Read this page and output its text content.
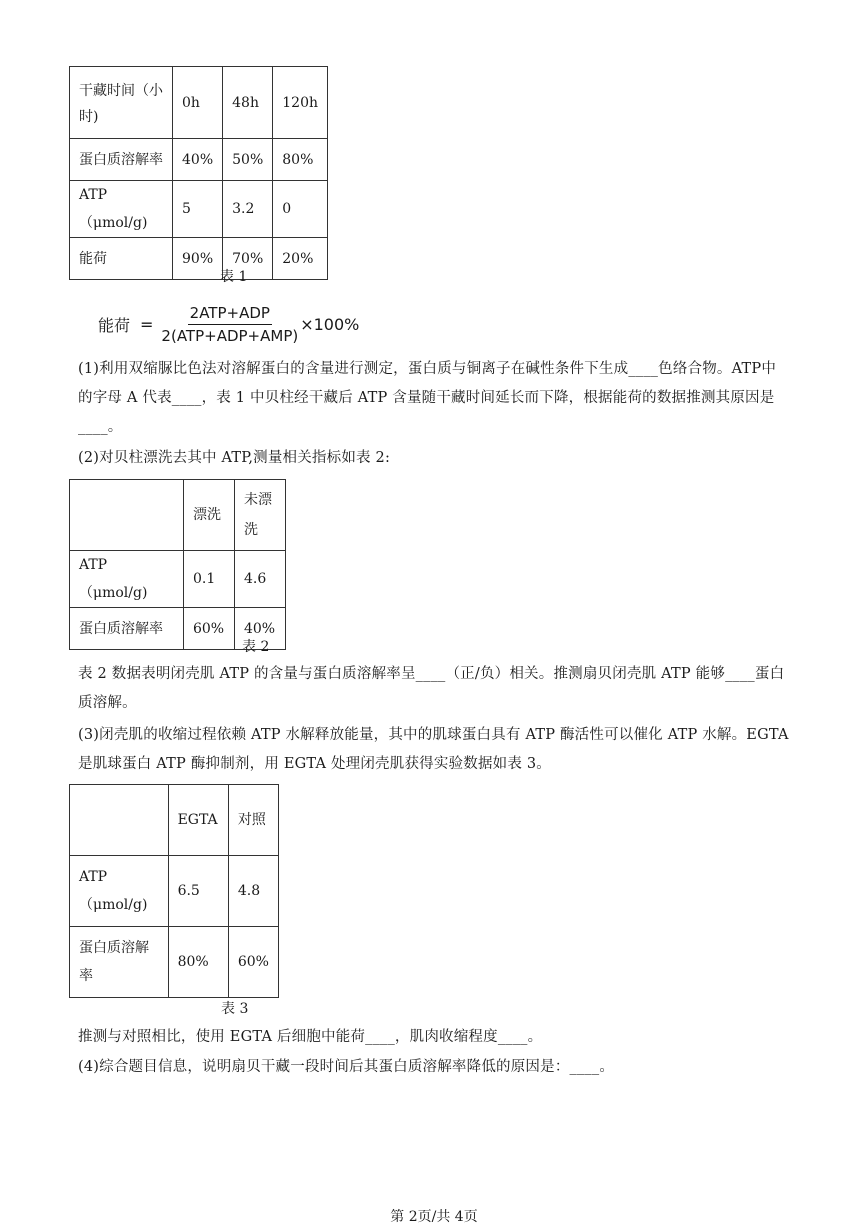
干藏时间（小时)	0h	48h	120h
蛋白质溶解率	40%	50%	80%
ATP（μmol/g)	5	3.2	0
能荷	90%	70%	20%
表 1
能荷 = $\frac{\text{2ATP+ADP}}{\text{2(ATP+ADP+AMP)}} \times 100\%$
(1)利用双缩脲比色法对溶解蛋白的含量进行测定，蛋白质与铜离子在碱性条件下生成____色络合物。ATP中的字母 A 代表____，表 1 中贝柱经干藏后 ATP 含量随干藏时间延长而下降，根据能荷的数据推测其原因是____。
(2)对贝柱漂洗去其中 ATP,测量相关指标如表 2:
	漂洗	未漂洗
ATP（μmol/g)	0.1	4.6
蛋白质溶解率	60%	40%
表 2
表 2 数据表明闭壳肌 ATP 的含量与蛋白质溶解率呈____（正/负）相关。推测扇贝闭壳肌 ATP 能够____蛋白质溶解。
(3)闭壳肌的收缩过程依赖 ATP 水解释放能量，其中的肌球蛋白具有 ATP 酶活性可以催化 ATP 水解。EGTA 是肌球蛋白 ATP 酶抑制剂，用 EGTA 处理闭壳肌获得实验数据如表 3。
	EGTA	对照
ATP（μmol/g)	6.5	4.8
蛋白质溶解率	80%	60%
表 3
推测与对照相比，使用 EGTA 后细胞中能荷____，肌肉收缩程度____。
(4)综合题目信息，说明扇贝干藏一段时间后其蛋白质溶解率降低的原因是：____。
第 2页/共 4页
